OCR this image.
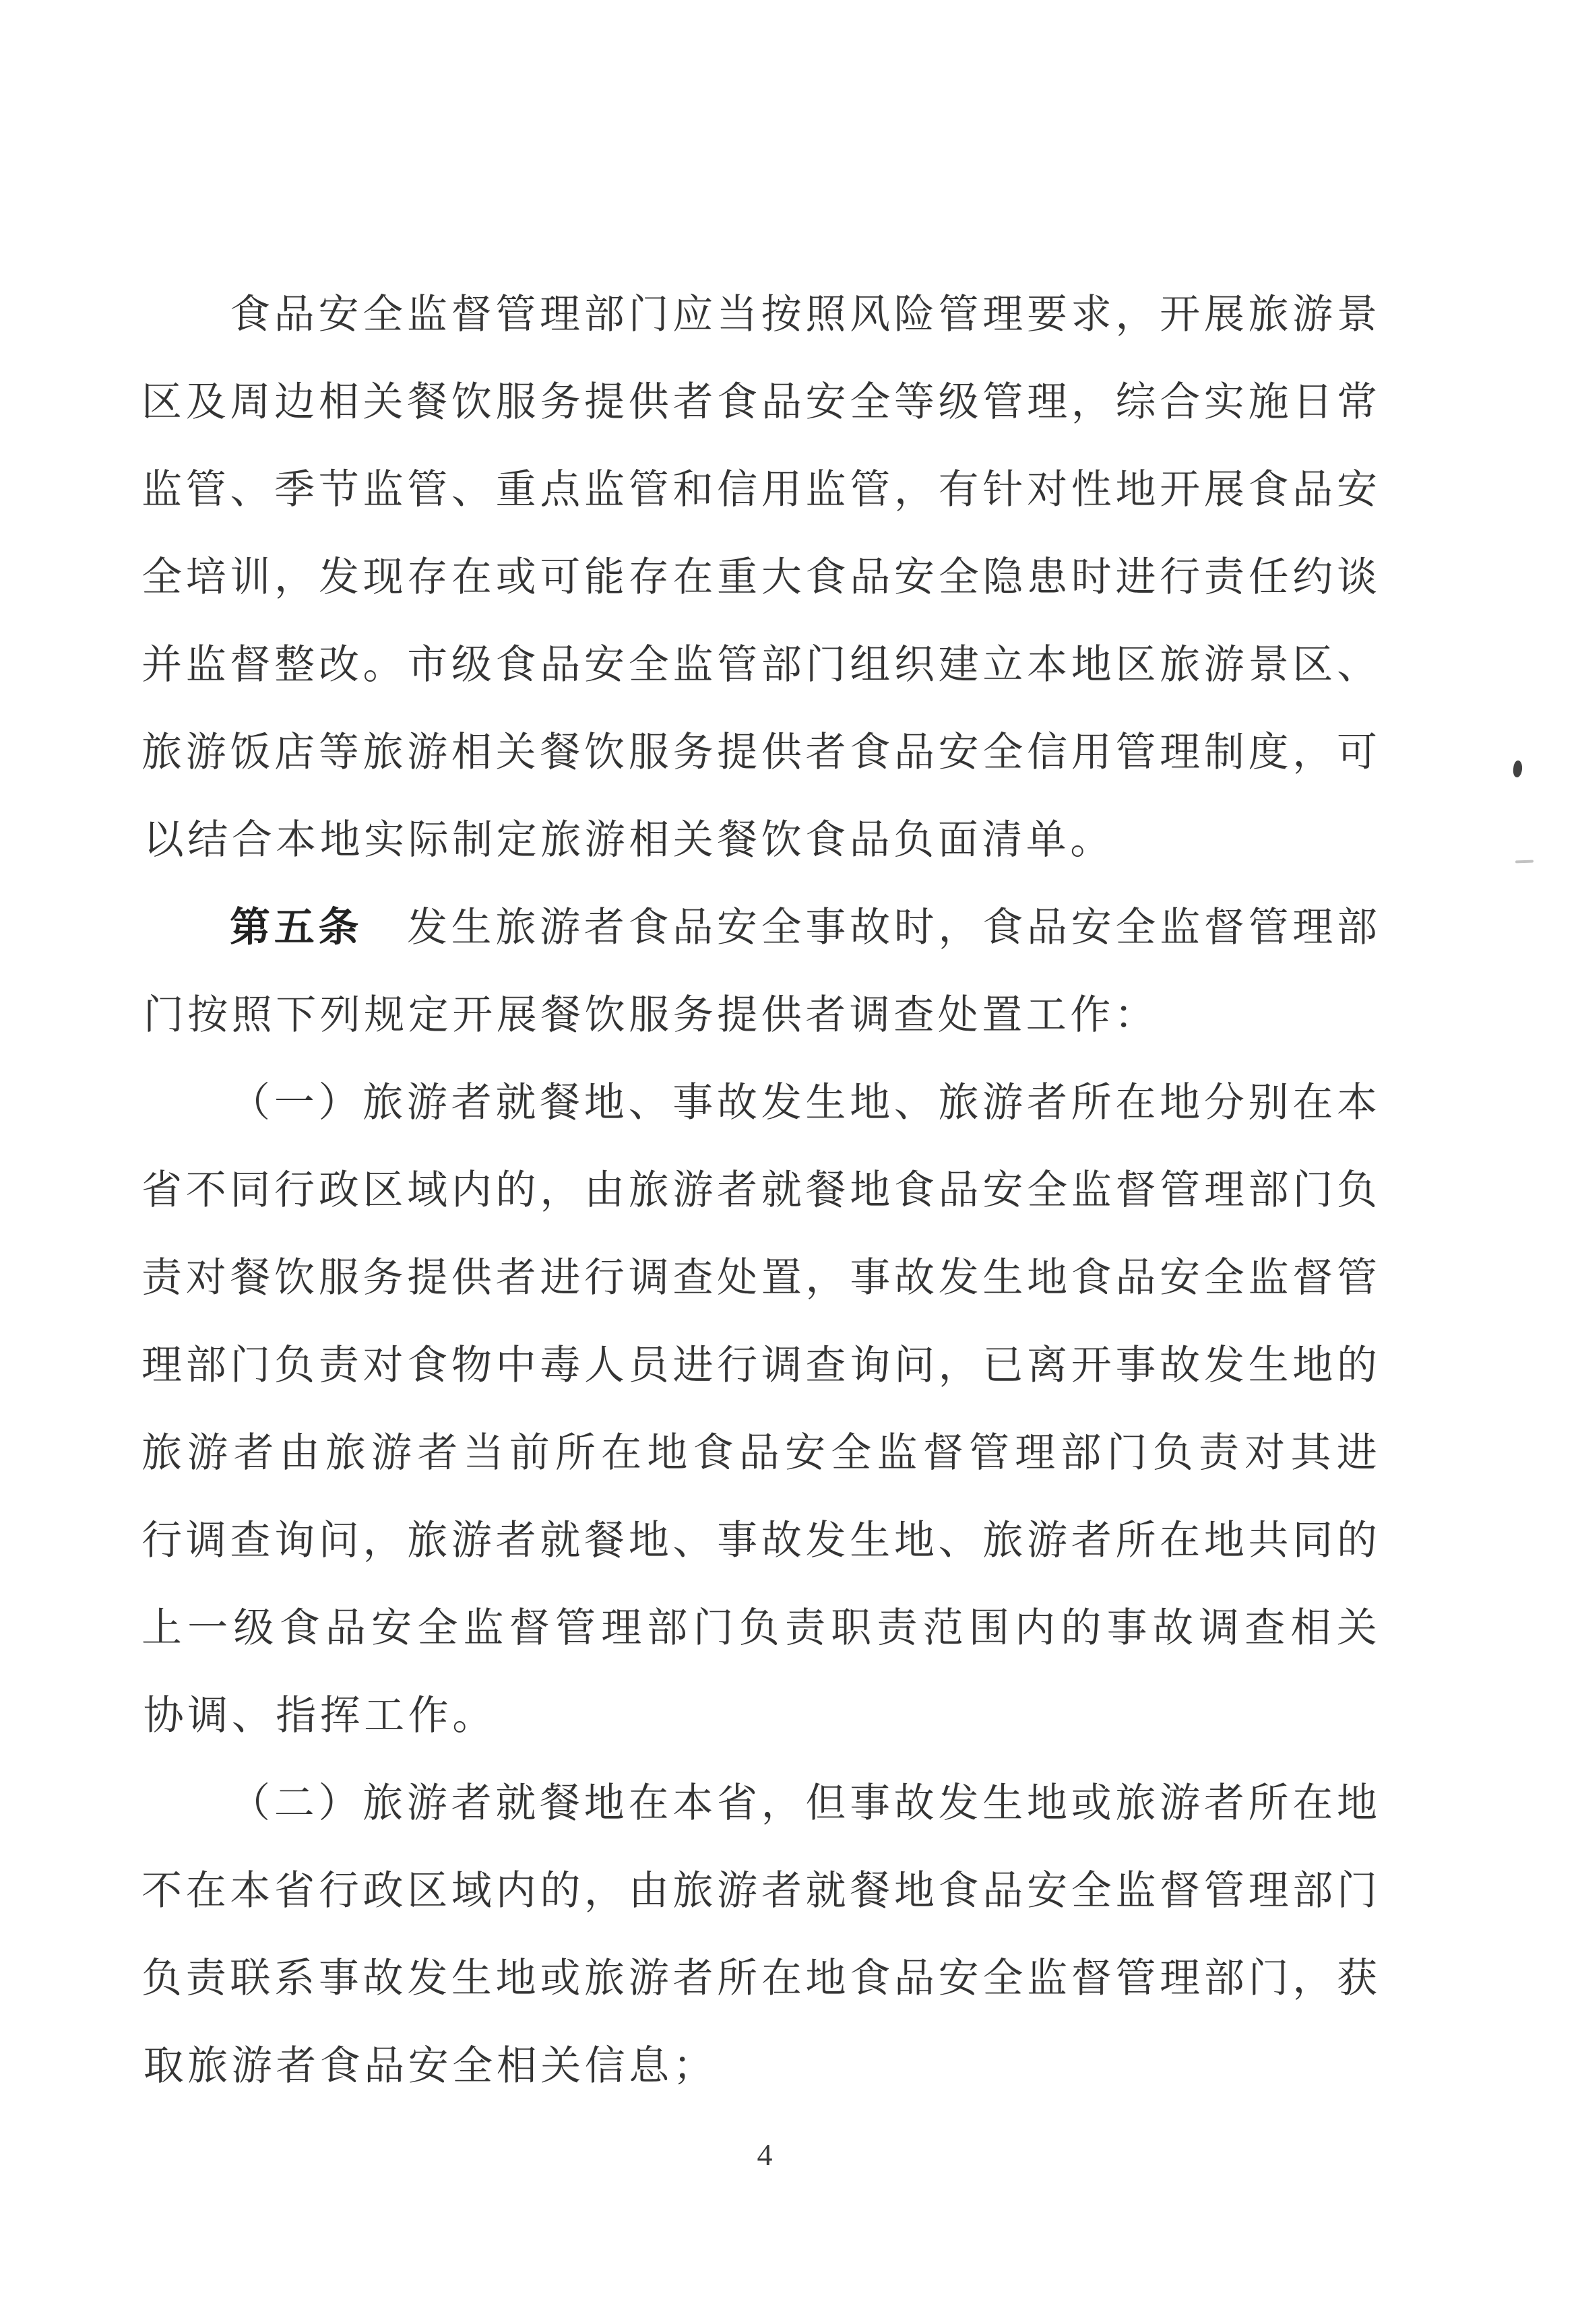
食 品 安 全 监 督 管 理 部 门 应 当 按 照 风 险 管 理 要 求 ， 开 展 旅 游 景
区 及 周 边 相 关 餐 饮 服 务 提 供 者 食 品 安 全 等 级 管 理 ， 综 合 实 施 日 常
监 管 、 季 节 监 管 、 重 点 监 管 和 信 用 监 管 ， 有 针 对 性 地 开 展 食 品 安
全 培 训 ， 发 现 存 在 或 可 能 存 在 重 大 食 品 安 全 隐 患 时 进 行 责 任 约 谈
并 监 督 整 改 。 市 级 食 品 安 全 监 管 部 门 组 织 建 立 本 地 区 旅 游 景 区 、
旅 游 饭 店 等 旅 游 相 关 餐 饮 服 务 提 供 者 食 品 安 全 信 用 管 理 制 度 ， 可
以 结 合 本 地 实 际 制 定 旅 游 相 关 餐 饮 食 品 负 面 清 单 。
第 五 条
　 发 生 旅 游 者 食 品 安 全 事 故 时 ， 食 品 安 全 监 督 管 理 部
门 按 照 下 列 规 定 开 展 餐 饮 服 务 提 供 者 调 查 处 置 工 作 ：
（ 一 ） 旅 游 者 就 餐 地 、 事 故 发 生 地 、 旅 游 者 所 在 地 分 别 在 本
省 不 同 行 政 区 域 内 的 ， 由 旅 游 者 就 餐 地 食 品 安 全 监 督 管 理 部 门 负
责 对 餐 饮 服 务 提 供 者 进 行 调 查 处 置 ， 事 故 发 生 地 食 品 安 全 监 督 管
理 部 门 负 责 对 食 物 中 毒 人 员 进 行 调 查 询 问 ， 已 离 开 事 故 发 生 地 的
旅 游 者 由 旅 游 者 当 前 所 在 地 食 品 安 全 监 督 管 理 部 门 负 责 对 其 进
行 调 查 询 问 ， 旅 游 者 就 餐 地 、 事 故 发 生 地 、 旅 游 者 所 在 地 共 同 的
上 一 级 食 品 安 全 监 督 管 理 部 门 负 责 职 责 范 围 内 的 事 故 调 查 相 关
协 调 、 指 挥 工 作 。
（ 二 ） 旅 游 者 就 餐 地 在 本 省 ， 但 事 故 发 生 地 或 旅 游 者 所 在 地
不 在 本 省 行 政 区 域 内 的 ， 由 旅 游 者 就 餐 地 食 品 安 全 监 督 管 理 部 门
负 责 联 系 事 故 发 生 地 或 旅 游 者 所 在 地 食 品 安 全 监 督 管 理 部 门 ， 获
取 旅 游 者 食 品 安 全 相 关 信 息 ；
4
